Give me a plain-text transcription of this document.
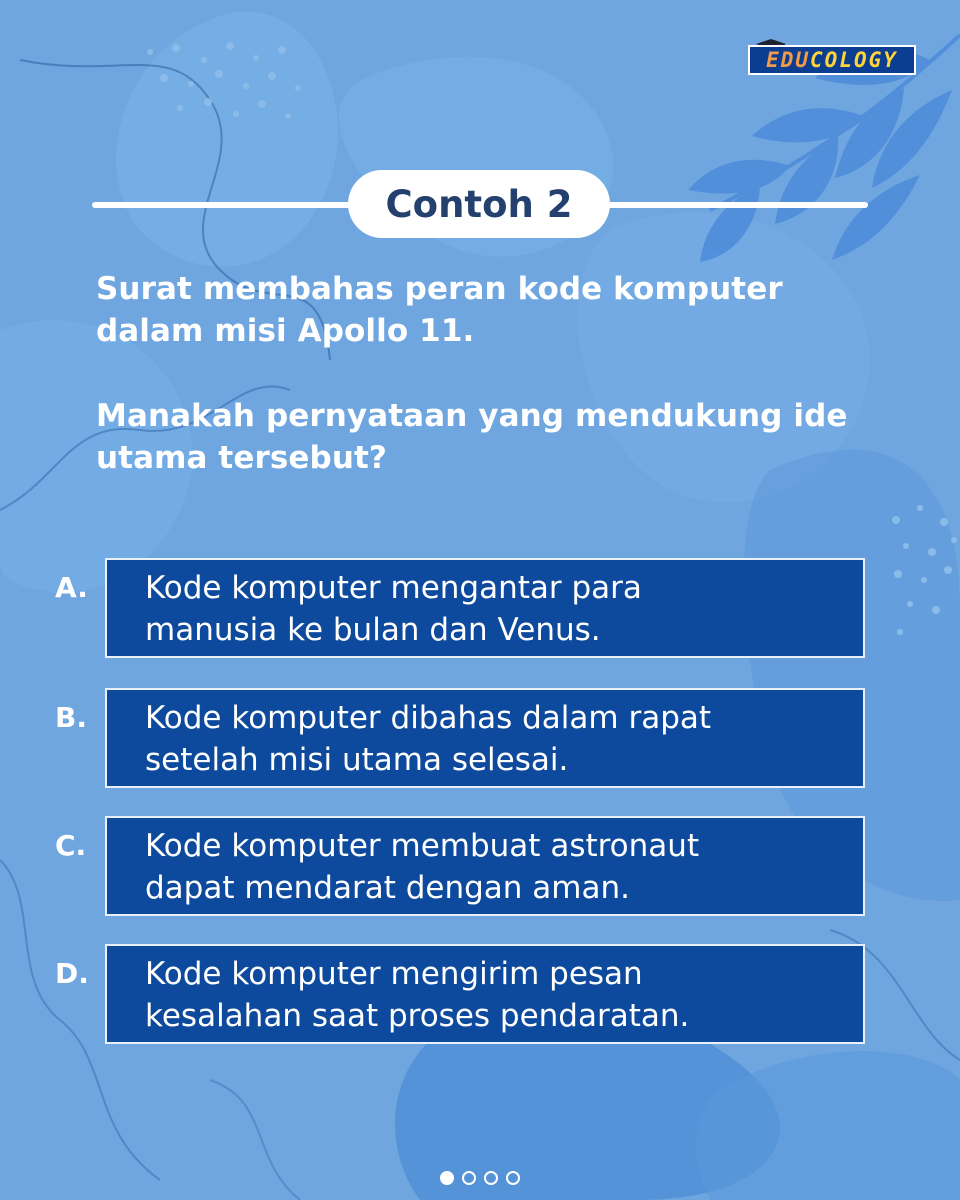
EDU COLOGY
Contoh 2

Surat membahas peran kode komputer
dalam misi Apollo 11.

Manakah pernyataan yang mendukung ide
utama tersebut?

A. Kode komputer mengantar para
manusia ke bulan dan Venus.
B.	Kode komputer dibahas dalam rapat
setelah misi utama selesai.
C.	Kode komputer membuat astronaut
dapat mendarat dengan aman.
D. Kode komputer mengirim pesan
kesalahan saat proses pendaratan.
